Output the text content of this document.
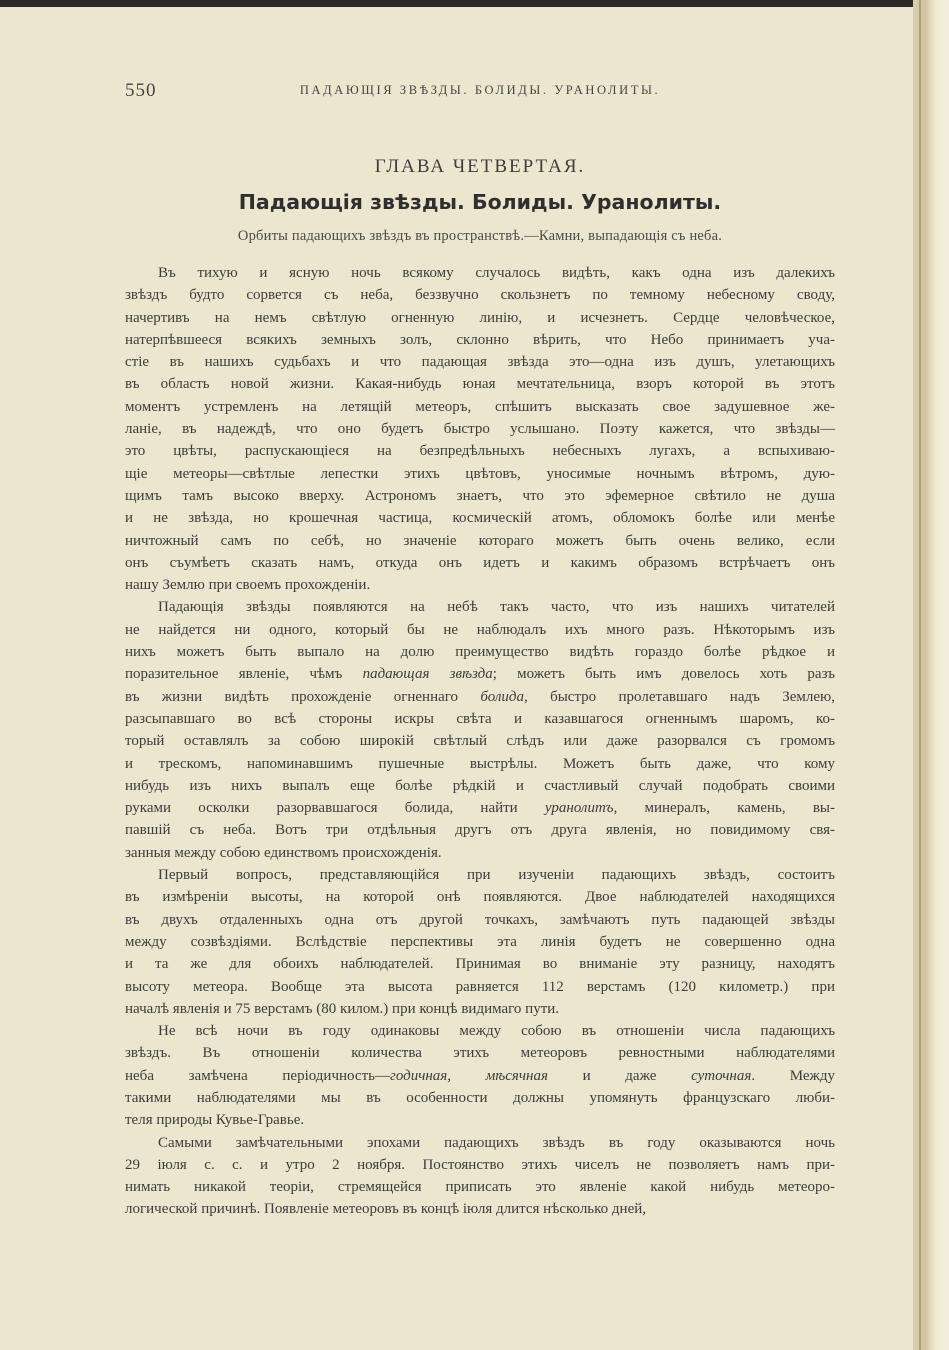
550	ПАДАЮЩІЯ ЗВѢЗДЫ. БОЛИДЫ. УРАНОЛИТЫ.
ГЛАВА ЧЕТВЕРТАЯ.
Падающія звѣзды. Болиды. Уранолиты.
Орбиты падающихъ звѣздъ въ пространствѣ.—Камни, выпадающія съ неба.

Въ тихую и ясную ночь всякому случалось видѣть, какъ одна изъ далекихъ
звѣздъ будто сорвется съ неба, беззвучно скользнетъ по темному небесному своду,
начертивъ на немъ свѣтлую огненную линію, и исчезнетъ. Сердце человѣческое,
натерпѣвшееся всякихъ земныхъ золъ, склонно вѣрить, что Небо принимаетъ уча-
стіе въ нашихъ судьбахъ и что падающая звѣзда это—одна изъ душъ, улетающихъ
въ область новой жизни. Какая-нибудь юная мечтательница, взоръ которой въ этотъ
моментъ устремленъ на летящій метеоръ, спѣшитъ высказать свое задушевное же-
ланіе, въ надеждѣ, что оно будетъ быстро услышано. Поэту кажется, что звѣзды—
это цвѣты, распускающіеся на безпредѣльныхъ небесныхъ лугахъ, а вспыхиваю-
щіе метеоры—свѣтлые лепестки этихъ цвѣтовъ, уносимые ночнымъ вѣтромъ, дую-
щимъ тамъ высоко вверху. Астрономъ знаетъ, что это эфемерное свѣтило не душа
и не звѣзда, но крошечная частица, космическій атомъ, обломокъ болѣе или менѣе
ничтожный самъ по себѣ, но значеніе котораго можетъ быть очень велико, если
онъ съумѣетъ сказать намъ, откуда онъ идетъ и какимъ образомъ встрѣчаетъ онъ
нашу Землю при своемъ прохожденіи.

Падающія звѣзды появляются на небѣ такъ часто, что изъ нашихъ читателей
не найдется ни одного, который бы не наблюдалъ ихъ много разъ. Нѣкоторымъ изъ
нихъ можетъ быть выпало на долю преимущество видѣть гораздо болѣе рѣдкое и
поразительное явленіе, чѣмъ падающая звѣзда; можетъ быть имъ довелось хоть разъ
въ жизни видѣть прохожденіе огненнаго болида, быстро пролетавшаго надъ Землею,
разсыпавшаго во всѣ стороны искры свѣта и казавшагося огненнымъ шаромъ, ко-
торый оставлялъ за собою широкій свѣтлый слѣдъ или даже разорвался съ громомъ
и трескомъ, напоминавшимъ пушечные выстрѣлы. Можетъ быть даже, что кому
нибудь изъ нихъ выпалъ еще болѣе рѣдкій и счастливый случай подобрать своими
руками осколки разорвавшагося болида, найти уранолитъ, минералъ, камень, вы-
павшій съ неба. Вотъ три отдѣльныя другъ отъ друга явленія, но повидимому свя-
занныя между собою единствомъ происхожденія.

Первый вопросъ, представляющійся при изученіи падающихъ звѣздъ, состоитъ
въ измѣреніи высоты, на которой онѣ появляются. Двое наблюдателей находящихся
въ двухъ отдаленныхъ одна отъ другой точкахъ, замѣчаютъ путь падающей звѣзды
между созвѣздіями. Вслѣдствіе перспективы эта линія будетъ не совершенно одна
и та же для обоихъ наблюдателей. Принимая во вниманіе эту разницу, находятъ
высоту метеора. Вообще эта высота равняется 112 верстамъ (120 километр.) при
началѣ явленія и 75 верстамъ (80 килом.) при концѣ видимаго пути.

Не всѣ ночи въ году одинаковы между собою въ отношеніи числа падающихъ
звѣздъ. Въ отношеніи количества этихъ метеоровъ ревностными наблюдателями
неба замѣчена періодичность—годичная, мѣсячная и даже суточная. Между
такими наблюдателями мы въ особенности должны упомянуть французскаго люби-
теля природы Кувье-Гравье.

Самыми замѣчательными эпохами падающихъ звѣздъ въ году оказываются ночь
29 іюля с. с. и утро 2 ноября. Постоянство этихъ чиселъ не позволяетъ намъ при-
нимать никакой теоріи, стремящейся приписать это явленіе какой нибудь метеоро-
логической причинѣ. Появленіе метеоровъ въ концѣ іюля длится нѣсколько дней,
